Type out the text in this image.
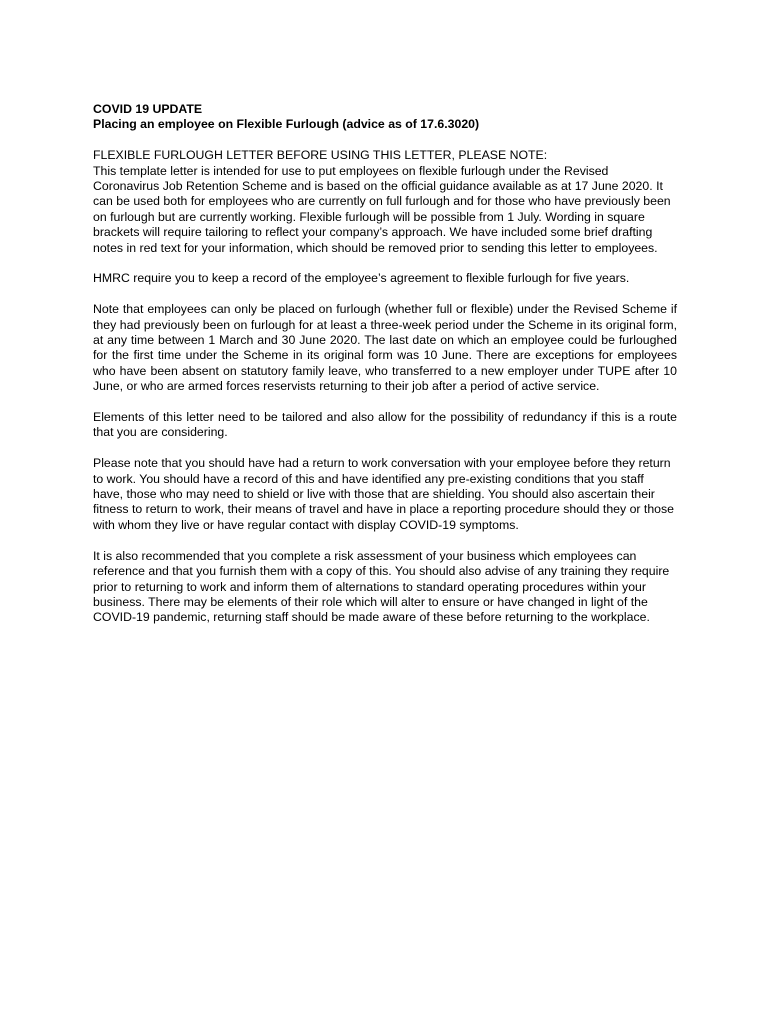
COVID 19 UPDATE
Placing an employee on Flexible Furlough (advice as of 17.6.3020)
FLEXIBLE FURLOUGH LETTER BEFORE USING THIS LETTER, PLEASE NOTE:

This template letter is intended for use to put employees on flexible furlough under the Revised Coronavirus Job Retention Scheme and is based on the official guidance available as at 17 June 2020. It can be used both for employees who are currently on full furlough and for those who have previously been on furlough but are currently working. Flexible furlough will be possible from 1 July. Wording in square brackets will require tailoring to reflect your company’s approach. We have included some brief drafting notes in red text for your information, which should be removed prior to sending this letter to employees.

HMRC require you to keep a record of the employee’s agreement to flexible furlough for five years.

Note that employees can only be placed on furlough (whether full or flexible) under the Revised Scheme if they had previously been on furlough for at least a three-week period under the Scheme in its original form, at any time between 1 March and 30 June 2020. The last date on which an employee could be furloughed for the first time under the Scheme in its original form was 10 June. There are exceptions for employees who have been absent on statutory family leave, who transferred to a new employer under TUPE after 10 June, or who are armed forces reservists returning to their job after a period of active service.

Elements of this letter need to be tailored and also allow for the possibility of redundancy if this is a route that you are considering.

Please note that you should have had a return to work conversation with your employee before they return to work. You should have a record of this and have identified any pre-existing conditions that you staff have, those who may need to shield or live with those that are shielding. You should also ascertain their fitness to return to work, their means of travel and have in place a reporting procedure should they or those with whom they live or have regular contact with display COVID-19 symptoms.

It is also recommended that you complete a risk assessment of your business which employees can reference and that you furnish them with a copy of this. You should also advise of any training they require prior to returning to work and inform them of alternations to standard operating procedures within your business. There may be elements of their role which will alter to ensure or have changed in light of the COVID-19 pandemic, returning staff should be made aware of these before returning to the workplace.
